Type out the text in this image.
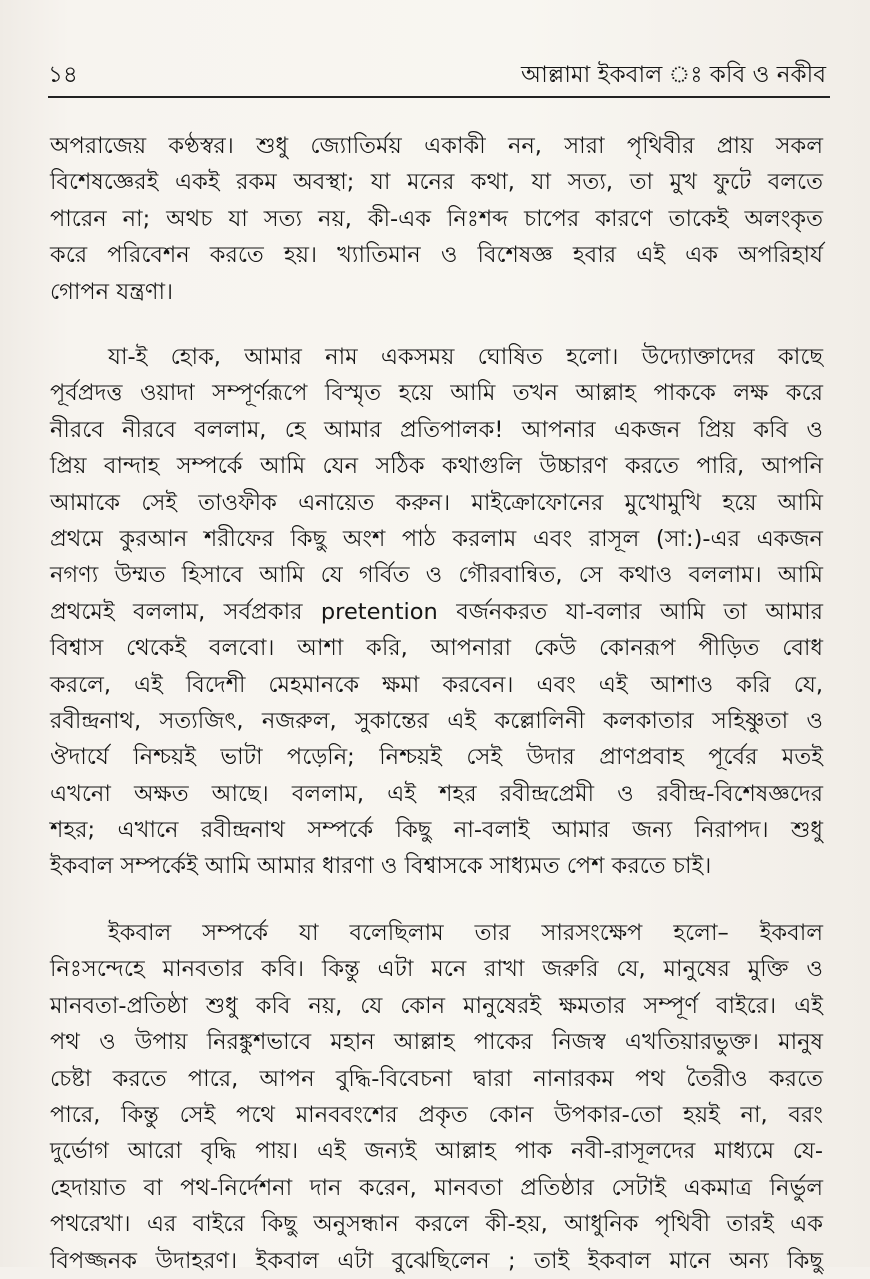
১৪	আল্লামা ইকবাল ঃ কবি ও নকীব
অপরাজেয় কণ্ঠস্বর। শুধু জ্যোতির্ময় একাকী নন, সারা পৃথিবীর প্রায় সকল
বিশেষজ্ঞেরই একই রকম অবস্থা; যা মনের কথা, যা সত্য, তা মুখ ফুটে বলতে
পারেন না; অথচ যা সত্য নয়, কী-এক নিঃশব্দ চাপের কারণে তাকেই অলংকৃত
করে পরিবেশন করতে হয়। খ্যাতিমান ও বিশেষজ্ঞ হবার এই এক অপরিহার্য
গোপন যন্ত্রণা।
যা-ই হোক, আমার নাম একসময় ঘোষিত হলো। উদ্যোক্তাদের কাছে
পূর্বপ্রদত্ত ওয়াদা সম্পূর্ণরূপে বিস্মৃত হয়ে আমি তখন আল্লাহ পাককে লক্ষ করে
নীরবে নীরবে বললাম, হে আমার প্রতিপালক! আপনার একজন প্রিয় কবি ও
প্রিয় বান্দাহ সম্পর্কে আমি যেন সঠিক কথাগুলি উচ্চারণ করতে পারি, আপনি
আমাকে সেই তাওফীক এনায়েত করুন। মাইক্রোফোনের মুখোমুখি হয়ে আমি
প্রথমে কুরআন শরীফের কিছু অংশ পাঠ করলাম এবং রাসূল (সা:)-এর একজন
নগণ্য উম্মত হিসাবে আমি যে গর্বিত ও গৌরবান্বিত, সে কথাও বললাম। আমি
প্রথমেই বললাম, সর্বপ্রকার pretention বর্জনকরত যা-বলার আমি তা আমার
বিশ্বাস থেকেই বলবো। আশা করি, আপনারা কেউ কোনরূপ পীড়িত বোধ
করলে, এই বিদেশী মেহমানকে ক্ষমা করবেন। এবং এই আশাও করি যে,
রবীন্দ্রনাথ, সত্যজিৎ, নজরুল, সুকান্তের এই কল্লোলিনী কলকাতার সহিষ্ণুতা ও
ঔদার্যে নিশ্চয়ই ভাটা পড়েনি; নিশ্চয়ই সেই উদার প্রাণপ্রবাহ পূর্বের মতই
এখনো অক্ষত আছে। বললাম, এই শহর রবীন্দ্রপ্রেমী ও রবীন্দ্র-বিশেষজ্ঞদের
শহর; এখানে রবীন্দ্রনাথ সম্পর্কে কিছু না-বলাই আমার জন্য নিরাপদ। শুধু
ইকবাল সম্পর্কেই আমি আমার ধারণা ও বিশ্বাসকে সাধ্যমত পেশ করতে চাই।
ইকবাল সম্পর্কে যা বলেছিলাম তার সারসংক্ষেপ হলো– ইকবাল
নিঃসন্দেহে মানবতার কবি। কিন্তু এটা মনে রাখা জরুরি যে, মানুষের মুক্তি ও
মানবতা-প্রতিষ্ঠা শুধু কবি নয়, যে কোন মানুষেরই ক্ষমতার সম্পূর্ণ বাইরে। এই
পথ ও উপায় নিরঙ্কুশভাবে মহান আল্লাহ পাকের নিজস্ব এখতিয়ারভুক্ত। মানুষ
চেষ্টা করতে পারে, আপন বুদ্ধি-বিবেচনা দ্বারা নানারকম পথ তৈরীও করতে
পারে, কিন্তু সেই পথে মানববংশের প্রকৃত কোন উপকার-তো হয়ই না, বরং
দুর্ভোগ আরো বৃদ্ধি পায়। এই জন্যই আল্লাহ পাক নবী-রাসূলদের মাধ্যমে যে-
হেদায়াত বা পথ-নির্দেশনা দান করেন, মানবতা প্রতিষ্ঠার সেটাই একমাত্র নির্ভুল
পথরেখা। এর বাইরে কিছু অনুসন্ধান করলে কী-হয়, আধুনিক পৃথিবী তারই এক
বিপজ্জনক উদাহরণ। ইকবাল এটা বুঝেছিলেন ; তাই ইকবাল মানে অন্য কিছু
